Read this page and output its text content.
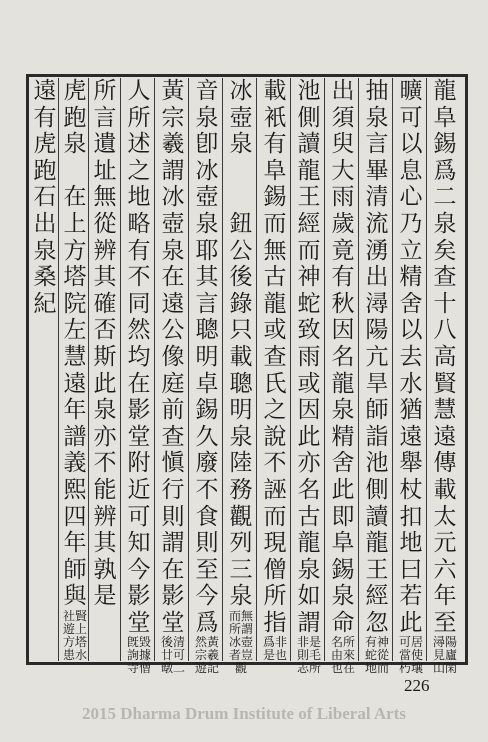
龍
阜
錫
爲
二
泉
矣
查
十
八
高
賢
慧
遠
傳
載
太
元
六
年
至
潯陽見廬山閑
曠
可
以
息
心
乃
立
精
舍
以
去
水
猶
遠
舉
杖
扣
地
曰
若
此
可居當使朽壤
抽
泉
言
畢
清
流
湧
出
潯
陽
亢
旱
師
詣
池
側
讀
龍
王
經
忽
有神蛇從地而
出
須
臾
大
雨
歲
竟
有
秋
因
名
龍
泉
精
舍
此
即
阜
錫
泉
命
名所由來也在
池
側
讀
龍
王
經
而
神
蛇
致
雨
或
因
此
亦
名
古
龍
泉
如
謂
非是則毛志所
載
衹
有
阜
錫
而
無
古
龍
或
查
氏
之
說
不
誣
而
現
僧
所
指
爲非是也
冰
壺
泉

鈕
公
後
錄
只
載
聰
明
泉
陸
務
觀
列
三
泉
而無所謂冰壺者豈觀
音
泉
卽
冰
壺
泉
耶
其
言
聰
明
卓
錫
久
廢
不
食
則
至
今
爲
然黃宗羲遊記
黃
宗
羲
謂
冰
壺
泉
在
遠
公
像
庭
前
查
愼
行
則
謂
在
影
堂
後清廿可暾二
人
所
述
之
地
略
有
不
同
然
均
在
影
堂
附
近
可
知
今
影
堂
旣毀詢據寺僧
所
言
遺
址
無
從
辨
其
確
否
斯
此
泉
亦
不
能
辨
其
孰
是
虎
跑
泉

在
上
方
塔
院
左
慧
遠
年
譜
義
熙
四
年
師
與
社賢遊上方塔患水
遠
有
虎
跑
石
出
泉
桑
紀
226
2015 Dharma Drum Institute of Liberal Arts
